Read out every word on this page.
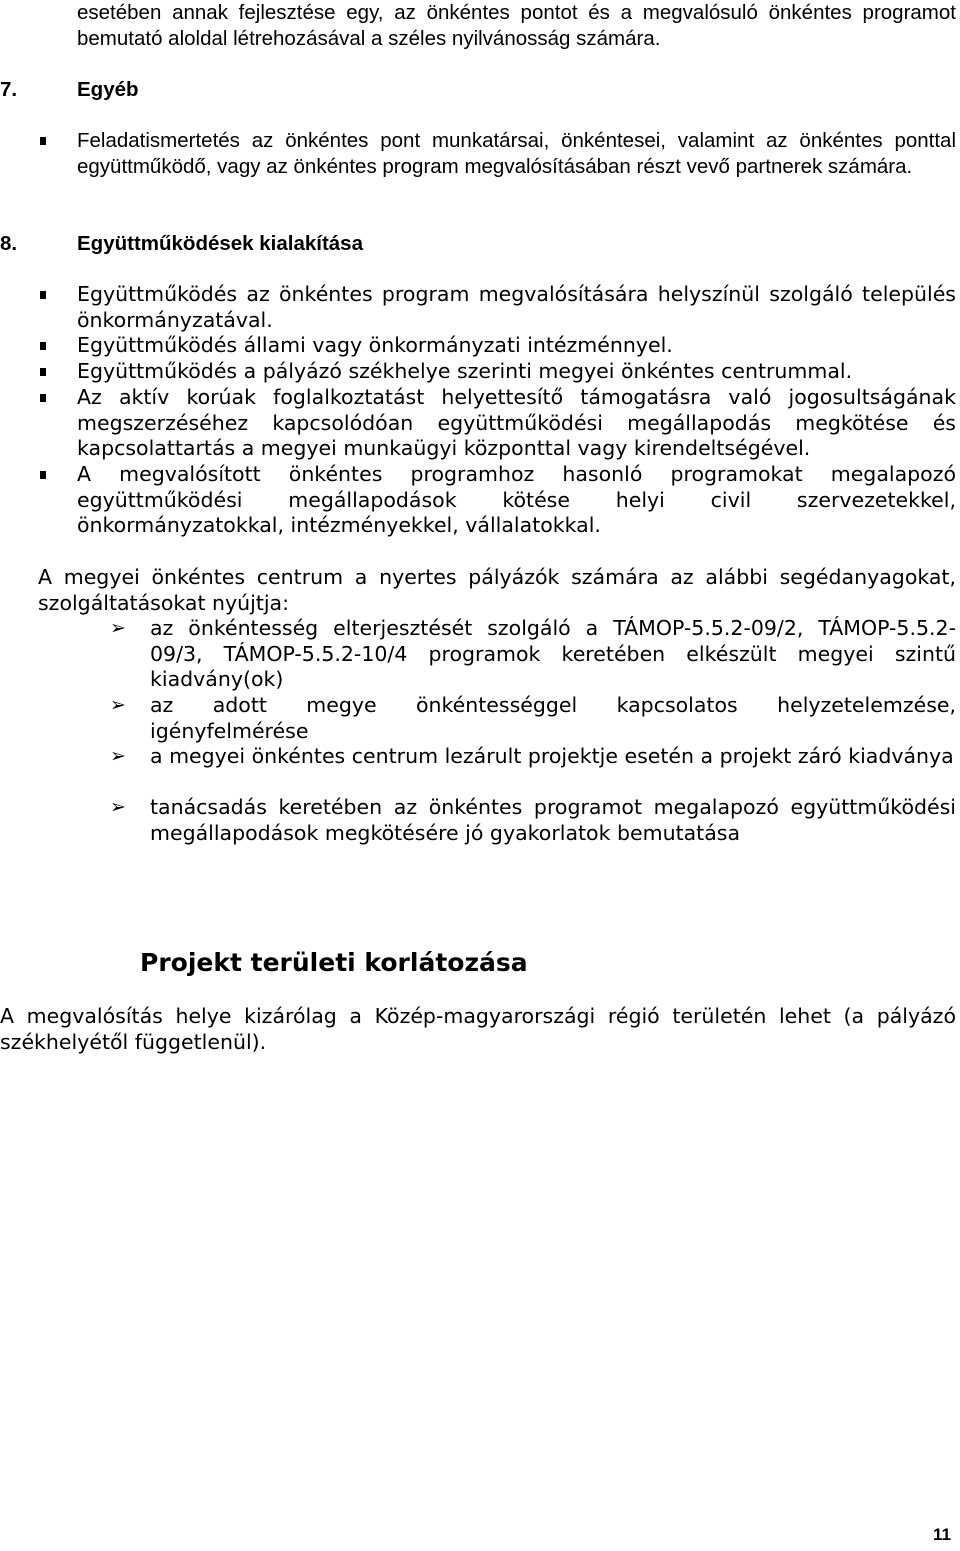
esetében annak fejlesztése egy, az önkéntes pontot és a megvalósuló önkéntes programot bemutató aloldal létrehozásával a széles nyilvánosság számára.
7.	Egyéb
Feladatismertetés az önkéntes pont munkatársai, önkéntesei, valamint az önkéntes ponttal együttműködő, vagy az önkéntes program megvalósításában részt vevő partnerek számára.
8.	Együttműködések kialakítása
Együttműködés az önkéntes program megvalósítására helyszínül szolgáló település önkormányzatával.
Együttműködés állami vagy önkormányzati intézménnyel.
Együttműködés a pályázó székhelye szerinti megyei önkéntes centrummal.
Az aktív korúak foglalkoztatást helyettesítő támogatásra való jogosultságának megszerzéséhez kapcsolódóan együttműködési megállapodás megkötése és kapcsolattartás a megyei munkaügyi központtal vagy kirendeltségével.
A megvalósított önkéntes programhoz hasonló programokat megalapozó együttműködési megállapodások kötése helyi civil szervezetekkel, önkormányzatokkal, intézményekkel, vállalatokkal.
A megyei önkéntes centrum a nyertes pályázók számára az alábbi segédanyagokat, szolgáltatásokat nyújtja:
➢ az önkéntesség elterjesztését szolgáló a TÁMOP-5.5.2-09/2, TÁMOP-5.5.2-09/3, TÁMOP-5.5.2-10/4 programok keretében elkészült megyei szintű kiadvány(ok)
➢ az adott megye önkéntességgel kapcsolatos helyzetelemzése, igényfelmérése
➢ a megyei önkéntes centrum lezárult projektje esetén a projekt záró kiadványa
➢ tanácsadás keretében az önkéntes programot megalapozó együttműködési megállapodások megkötésére jó gyakorlatok bemutatása
Projekt területi korlátozása
A megvalósítás helye kizárólag a Közép-magyarországi régió területén lehet (a pályázó székhelyétől függetlenül).
11
